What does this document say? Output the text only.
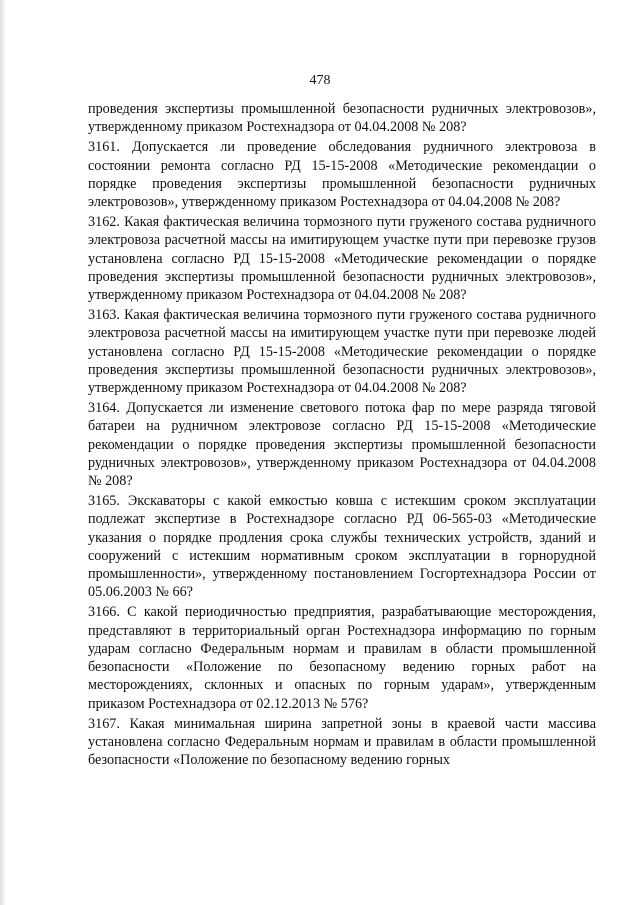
478

проведения экспертизы промышленной безопасности рудничных электровозов», утвержденному приказом Ростехнадзора от 04.04.2008 № 208?

3161. Допускается ли проведение обследования рудничного электровоза в состоянии ремонта согласно РД 15-15-2008 «Методические рекомендации о порядке проведения экспертизы промышленной безопасности рудничных электровозов», утвержденному приказом Ростехнадзора от 04.04.2008 № 208?

3162. Какая фактическая величина тормозного пути груженого состава рудничного электровоза расчетной массы на имитирующем участке пути при перевозке грузов установлена согласно РД 15-15-2008 «Методические рекомендации о порядке проведения экспертизы промышленной безопасности рудничных электровозов», утвержденному приказом Ростехнадзора от 04.04.2008 № 208?

3163. Какая фактическая величина тормозного пути груженого состава рудничного электровоза расчетной массы на имитирующем участке пути при перевозке людей установлена согласно РД 15-15-2008 «Методические рекомендации о порядке проведения экспертизы промышленной безопасности рудничных электровозов», утвержденному приказом Ростехнадзора от 04.04.2008 № 208?

3164. Допускается ли изменение светового потока фар по мере разряда тяговой батареи на рудничном электровозе согласно РД 15-15-2008 «Методические рекомендации о порядке проведения экспертизы промышленной безопасности рудничных электровозов», утвержденному приказом Ростехнадзора от 04.04.2008 № 208?

3165. Экскаваторы с какой емкостью ковша с истекшим сроком эксплуатации подлежат экспертизе в Ростехнадзоре согласно РД 06-565-03 «Методические указания о порядке продления срока службы технических устройств, зданий и сооружений с истекшим нормативным сроком эксплуатации в горнорудной промышленности», утвержденному постановлением Госгортехнадзора России от 05.06.2003 № 66?

3166. С какой периодичностью предприятия, разрабатывающие месторождения, представляют в территориальный орган Ростехнадзора информацию по горным ударам согласно Федеральным нормам и правилам в области промышленной безопасности «Положение по безопасному ведению горных работ на месторождениях, склонных и опасных по горным ударам», утвержденным приказом Ростехнадзора от 02.12.2013 № 576?

3167. Какая минимальная ширина запретной зоны в краевой части массива установлена согласно Федеральным нормам и правилам в области промышленной безопасности «Положение по безопасному ведению горных
